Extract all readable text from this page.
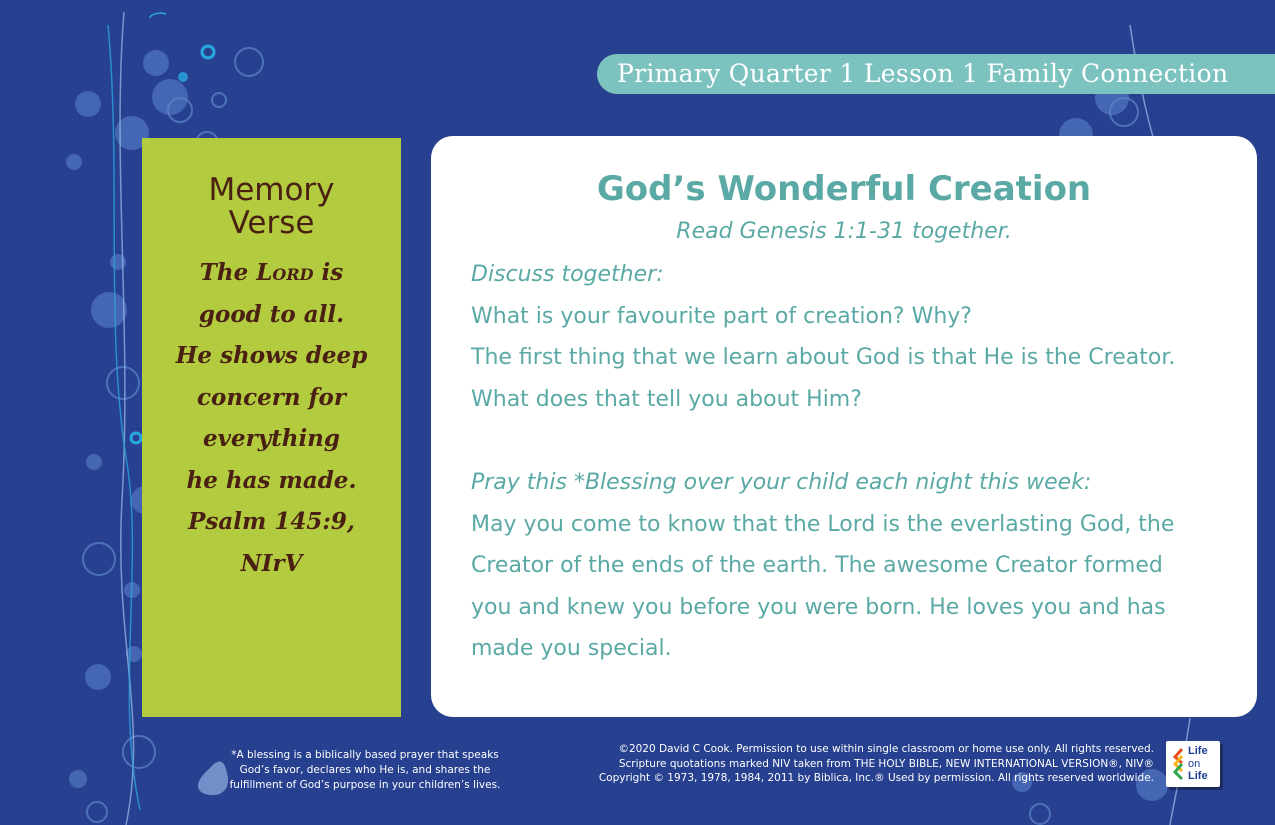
Primary Quarter 1 Lesson 1 Family Connection
Memory
Verse
The Lord is
good to all.
He shows deep
concern for
everything
he has made.
Psalm 145:9,
NIrV
God’s Wonderful Creation
Read Genesis 1:1-31 together.

Discuss together:

What is your favourite part of creation? Why?

The first thing that we learn about God is that He is the Creator.

What does that tell you about Him?

Pray this *Blessing over your child each night this week:

May you come to know that the Lord is the everlasting God, the

Creator of the ends of the earth. The awesome Creator formed

you and knew you before you were born. He loves you and has

made you special.

*A blessing is a biblically based prayer that speaks
God’s favor, declares who He is, and shares the
fulfillment of God’s purpose in your children’s lives.
©2020 David C Cook. Permission to use within single classroom or home use only. All rights reserved.
Scripture quotations marked NIV taken from THE HOLY BIBLE, NEW INTERNATIONAL VERSION®, NIV®
Copyright © 1973, 1978, 1984, 2011 by Biblica, Inc.® Used by permission. All rights reserved worldwide.
Life
on
Life
